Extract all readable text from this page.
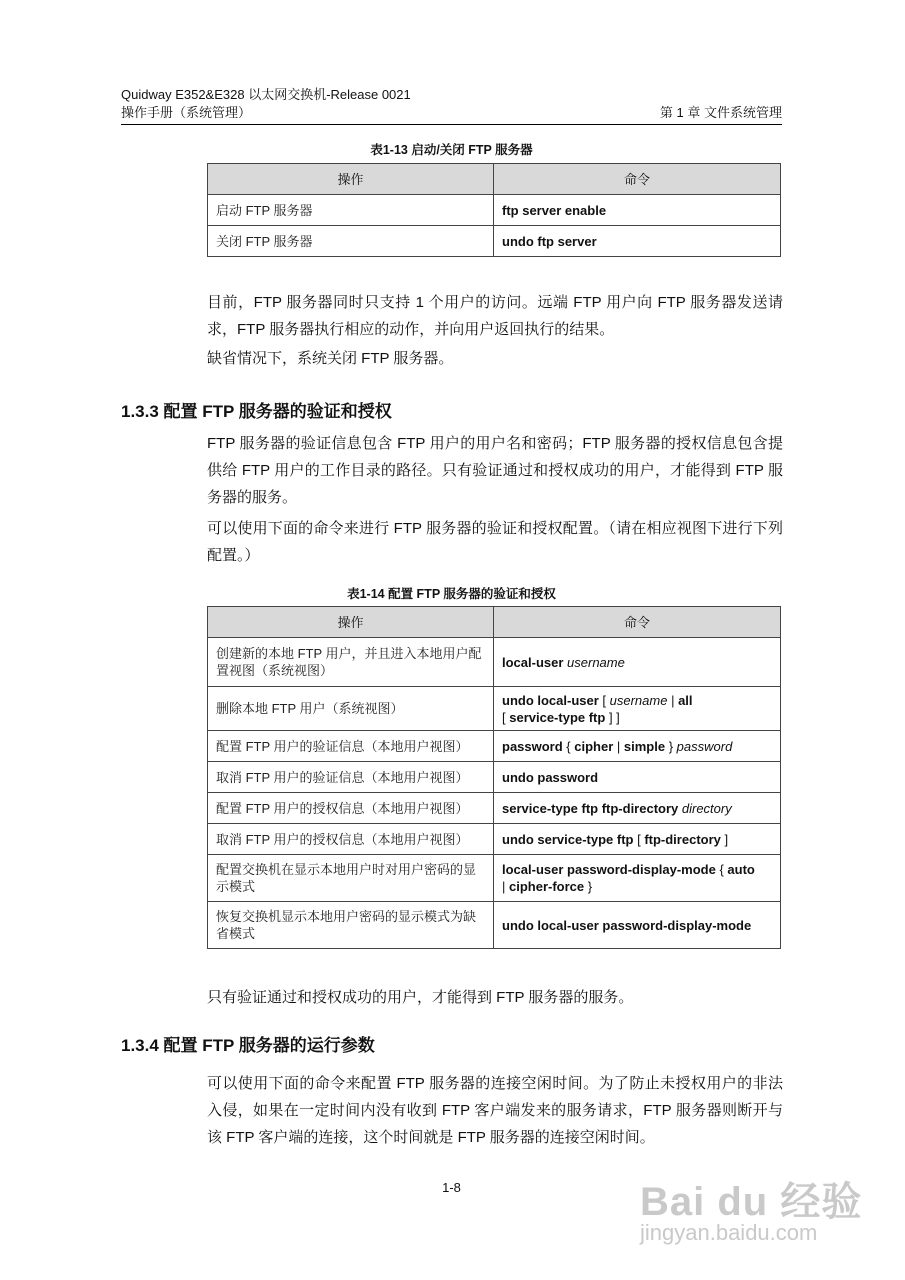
Quidway E352&E328 以太网交换机-Release 0021
操作手册（系统管理）	第 1 章 文件系统管理
表1-13 启动/关闭 FTP 服务器
操作	命令
启动 FTP 服务器	ftp server enable
关闭 FTP 服务器	undo ftp server
目前，FTP 服务器同时只支持 1 个用户的访问。远端 FTP 用户向 FTP 服务器发送请求，FTP 服务器执行相应的动作，并向用户返回执行的结果。
缺省情况下，系统关闭 FTP 服务器。
1.3.3 配置 FTP 服务器的验证和授权
FTP 服务器的验证信息包含 FTP 用户的用户名和密码；FTP 服务器的授权信息包含提供给 FTP 用户的工作目录的路径。只有验证通过和授权成功的用户，才能得到 FTP 服务器的服务。
可以使用下面的命令来进行 FTP 服务器的验证和授权配置。（请在相应视图下进行下列配置。）
表1-14 配置 FTP 服务器的验证和授权
操作	命令
创建新的本地 FTP 用户，并且进入本地用户配置视图（系统视图）	local-user username
删除本地 FTP 用户（系统视图）	undo local-user [ username | all
[ service-type ftp ] ]
配置 FTP 用户的验证信息（本地用户视图）	password { cipher | simple } password
取消 FTP 用户的验证信息（本地用户视图）	undo password
配置 FTP 用户的授权信息（本地用户视图）	service-type ftp ftp-directory directory
取消 FTP 用户的授权信息（本地用户视图）	undo service-type ftp [ ftp-directory ]
配置交换机在显示本地用户时对用户密码的显示模式	local-user password-display-mode { auto
| cipher-force }
恢复交换机显示本地用户密码的显示模式为缺省模式	undo local-user password-display-mode
只有验证通过和授权成功的用户，才能得到 FTP 服务器的服务。
1.3.4 配置 FTP 服务器的运行参数
可以使用下面的命令来配置 FTP 服务器的连接空闲时间。为了防止未授权用户的非法入侵，如果在一定时间内没有收到 FTP 客户端发来的服务请求，FTP 服务器则断开与该 FTP 客户端的连接，这个时间就是 FTP 服务器的连接空闲时间。
1-8	Bai du 经验
jingyan.baidu.com
